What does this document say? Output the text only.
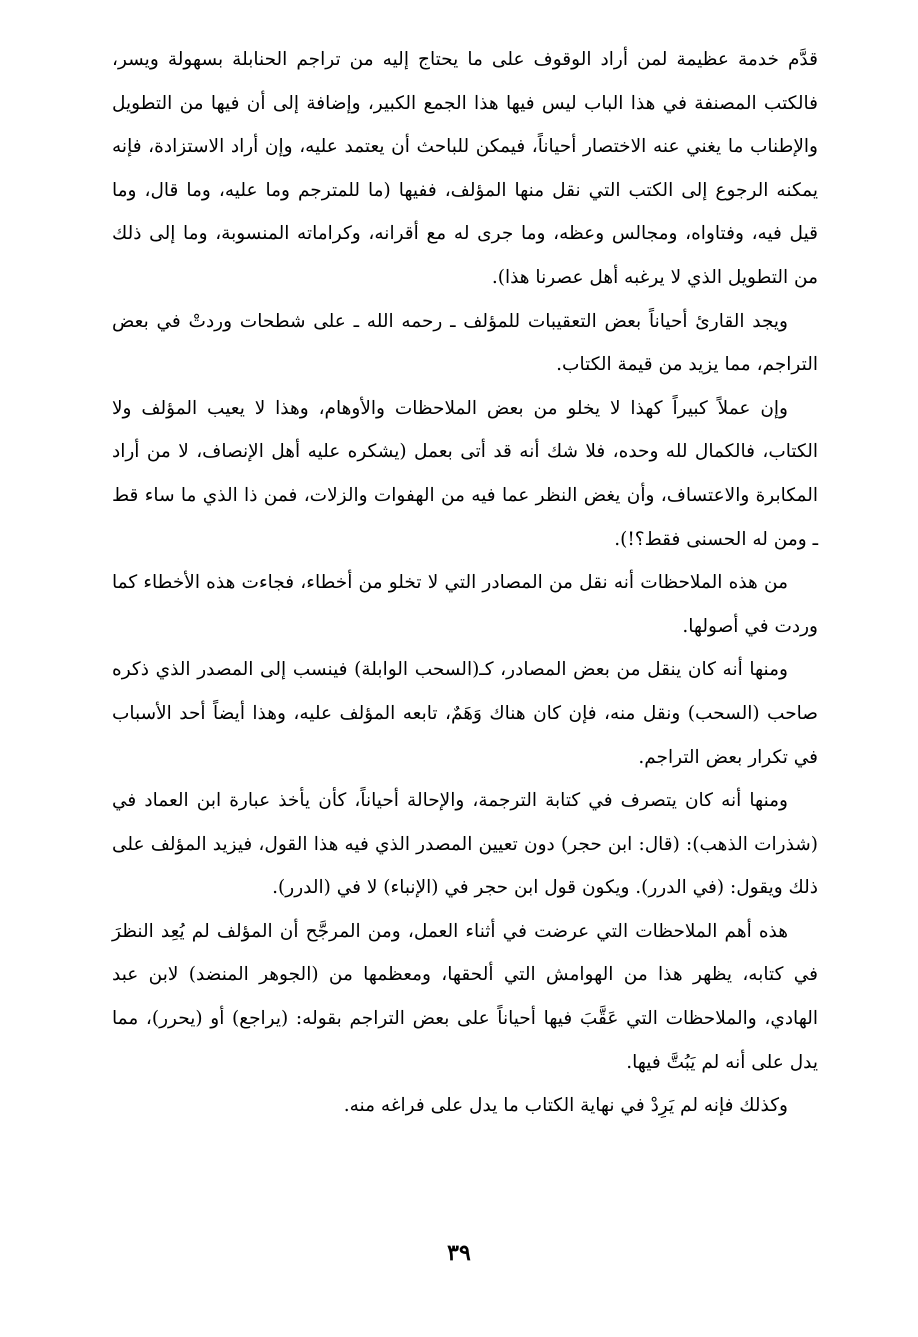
قدَّم خدمة عظيمة لمن أراد الوقوف على ما يحتاج إليه من تراجم الحنابلة بسهولة ويسر، فالكتب المصنفة في هذا الباب ليس فيها هذا الجمع الكبير، وإضافة إلى أن فيها من التطويل والإطناب ما يغني عنه الاختصار أحياناً، فيمكن للباحث أن يعتمد عليه، وإن أراد الاستزادة، فإنه يمكنه الرجوع إلى الكتب التي نقل منها المؤلف، ففيها (ما للمترجم وما عليه، وما قال، وما قيل فيه، وفتاواه، ومجالس وعظه، وما جرى له مع أقرانه، وكراماته المنسوبة، وما إلى ذلك من التطويل الذي لا يرغبه أهل عصرنا هذا).

ويجد القارئ أحياناً بعض التعقيبات للمؤلف ـ رحمه الله ـ على شطحات وردتْ في بعض التراجم، مما يزيد من قيمة الكتاب.

وإن عملاً كبيراً كهذا لا يخلو من بعض الملاحظات والأوهام، وهذا لا يعيب المؤلف ولا الكتاب، فالكمال لله وحده، فلا شك أنه قد أتى بعمل (يشكره عليه أهل الإنصاف، لا من أراد المكابرة والاعتساف، وأن يغض النظر عما فيه من الهفوات والزلات، فمن ذا الذي ما ساء قط ـ ومن له الحسنى فقط؟!).

من هذه الملاحظات أنه نقل من المصادر التي لا تخلو من أخطاء، فجاءت هذه الأخطاء كما وردت في أصولها.

ومنها أنه كان ينقل من بعض المصادر، كـ(السحب الوابلة) فينسب إلى المصدر الذي ذكره صاحب (السحب) ونقل منه، فإن كان هناك وَهَمٌ، تابعه المؤلف عليه، وهذا أيضاً أحد الأسباب في تكرار بعض التراجم.

ومنها أنه كان يتصرف في كتابة الترجمة، والإحالة أحياناً، كأن يأخذ عبارة ابن العماد في (شذرات الذهب): (قال: ابن حجر) دون تعيين المصدر الذي فيه هذا القول، فيزيد المؤلف على ذلك ويقول: (في الدرر). ويكون قول ابن حجر في (الإنباء) لا في (الدرر).

هذه أهم الملاحظات التي عرضت في أثناء العمل، ومن المرجَّح أن المؤلف لم يُعِد النظرَ في كتابه، يظهر هذا من الهوامش التي ألحقها، ومعظمها من (الجوهر المنضد) لابن عبد الهادي، والملاحظات التي عَقَّبَ فيها أحياناً على بعض التراجم بقوله: (يراجع) أو (يحرر)، مما يدل على أنه لم يَبُتَّ فيها.

وكذلك فإنه لم يَرِدْ في نهاية الكتاب ما يدل على فراغه منه.

٣٩
